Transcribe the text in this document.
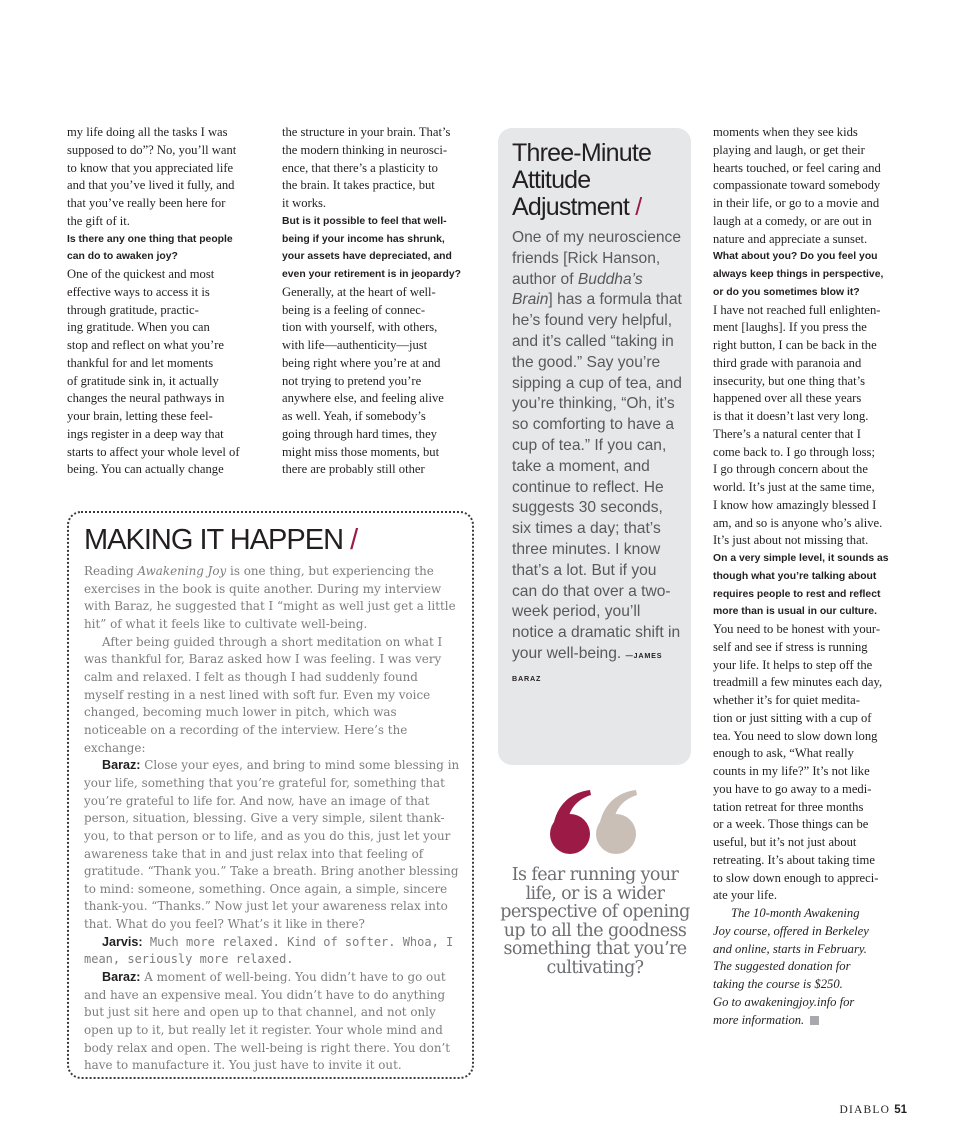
my life doing all the tasks I was

supposed to do”? No, you’ll want

to know that you appreciated life

and that you’ve lived it fully, and

that you’ve really been here for

the gift of it.

Is there any one thing that people

can do to awaken joy?

One of the quickest and most

effective ways to access it is

through gratitude, practic-

ing gratitude. When you can

stop and reflect on what you’re

thankful for and let moments

of gratitude sink in, it actually

changes the neural pathways in

your brain, letting these feel-

ings register in a deep way that

starts to affect your whole level of

being. You can actually change

the structure in your brain. That’s

the modern thinking in neurosci-

ence, that there’s a plasticity to

the brain. It takes practice, but

it works.

But is it possible to feel that well-

being if your income has shrunk,

your assets have depreciated, and

even your retirement is in jeopardy?

Generally, at the heart of well-

being is a feeling of connec-

tion with yourself, with others,

with life—authenticity—just

being right where you’re at and

not trying to pretend you’re

anywhere else, and feeling alive

as well. Yeah, if somebody’s

going through hard times, they

might miss those moments, but

there are probably still other

MAKING IT HAPPEN /

Reading Awakening Joy is one thing, but experiencing the exercises in the book is quite another. During my interview with Baraz, he suggested that I “might as well just get a little hit” of what it feels like to cultivate well-being.

After being guided through a short meditation on what I was thankful for, Baraz asked how I was feeling. I was very calm and relaxed. I felt as though I had suddenly found myself resting in a nest lined with soft fur. Even my voice changed, becoming much lower in pitch, which was noticeable on a recording of the interview. Here’s the exchange:

Baraz: Close your eyes, and bring to mind some blessing in your life, something that you’re grateful for, something that you’re grateful to life for. And now, have an image of that person, situation, blessing. Give a very simple, silent thank-you, to that person or to life, and as you do this, just let your awareness take that in and just relax into that feeling of gratitude. “Thank you.” Take a breath. Bring another blessing to mind: someone, something. Once again, a simple, sincere thank-you. “Thanks.” Now just let your awareness relax into that. What do you feel? What’s it like in there?

Jarvis: Much more relaxed. Kind of softer. Whoa, I mean, seriously more relaxed.

Baraz: A moment of well-being. You didn’t have to go out and have an expensive meal. You didn’t have to do anything but just sit here and open up to that channel, and not only open up to it, but really let it register. Your whole mind and body relax and open. The well-being is right there. You don’t have to manufacture it. You just have to invite it out.

Three-Minute
Attitude
Adjustment /

One of my neuroscience friends [Rick Hanson, author of Buddha’s Brain] has a formula that he’s found very helpful, and it’s called “taking in the good.” Say you’re sipping a cup of tea, and you’re thinking, “Oh, it’s so comforting to have a cup of tea.” If you can, take a moment, and continue to reflect. He suggests 30 seconds, six times a day; that’s three minutes. I know that’s a lot. But if you can do that over a two-week period, you’ll notice a dramatic shift in your well-being. —JAMES BARAZ

Is fear running your life, or is a wider perspective of opening up to all the goodness something that you’re cultivating?

moments when they see kids

playing and laugh, or get their

hearts touched, or feel caring and

compassionate toward somebody

in their life, or go to a movie and

laugh at a comedy, or are out in

nature and appreciate a sunset.

What about you? Do you feel you

always keep things in perspective,

or do you sometimes blow it?

I have not reached full enlighten-

ment [laughs]. If you press the

right button, I can be back in the

third grade with paranoia and

insecurity, but one thing that’s

happened over all these years

is that it doesn’t last very long.

There’s a natural center that I

come back to. I go through loss;

I go through concern about the

world. It’s just at the same time,

I know how amazingly blessed I

am, and so is anyone who’s alive.

It’s just about not missing that.

On a very simple level, it sounds as

though what you’re talking about

requires people to rest and reflect

more than is usual in our culture.

You need to be honest with your-

self and see if stress is running

your life. It helps to step off the

treadmill a few minutes each day,

whether it’s for quiet medita-

tion or just sitting with a cup of

tea. You need to slow down long

enough to ask, “What really

counts in my life?” It’s not like

you have to go away to a medi-

tation retreat for three months

or a week. Those things can be

useful, but it’s not just about

retreating. It’s about taking time

to slow down enough to appreci-

ate your life.

The 10-month Awakening

Joy course, offered in Berkeley

and online, starts in February.

The suggested donation for

taking the course is $250.

Go to awakeningjoy.info for

more information.

DIABLO 51
